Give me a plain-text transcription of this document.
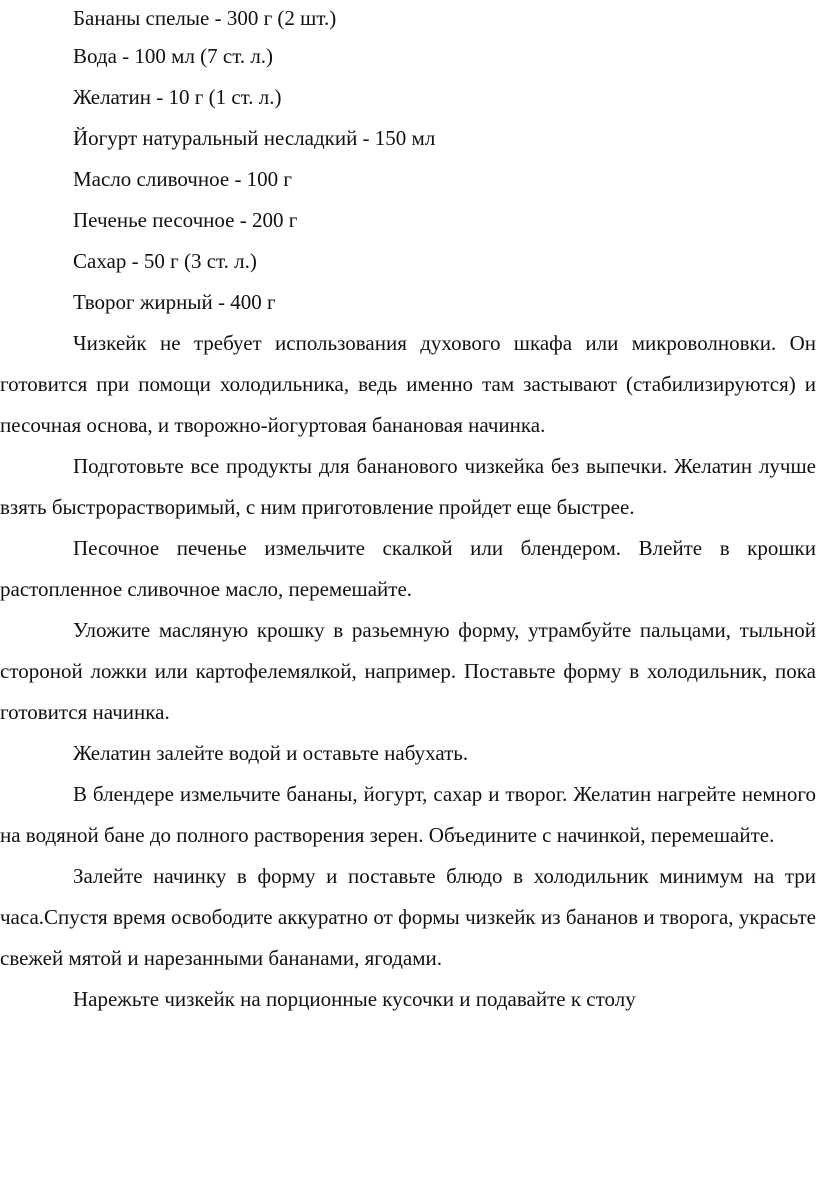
Бананы спелые - 300 г (2 шт.)
Вода - 100 мл (7 ст. л.)
Желатин - 10 г (1 ст. л.)
Йогурт натуральный несладкий - 150 мл
Масло сливочное - 100 г
Печенье песочное - 200 г
Сахар - 50 г (3 ст. л.)
Творог жирный - 400 г

Чизкейк не требует использования духового шкафа или микроволновки. Он готовится при помощи холодильника, ведь именно там застывают (стабилизируются) и песочная основа, и творожно-йогуртовая банановая начинка.

Подготовьте все продукты для бананового чизкейка без выпечки. Желатин лучше взять быстрорастворимый, с ним приготовление пройдет еще быстрее.

Песочное печенье измельчите скалкой или блендером. Влейте в крошки растопленное сливочное масло, перемешайте.

Уложите масляную крошку в разьемную форму, утрамбуйте пальцами, тыльной стороной ложки или картофелемялкой, например. Поставьте форму в холодильник, пока готовится начинка.

Желатин залейте водой и оставьте набухать.

В блендере измельчите бананы, йогурт, сахар и творог. Желатин нагрейте немного на водяной бане до полного растворения зерен. Объедините с начинкой, перемешайте.

Залейте начинку в форму и поставьте блюдо в холодильник минимум на три часа.Спустя время освободите аккуратно от формы чизкейк из бананов и творога, украсьте свежей мятой и нарезанными бананами, ягодами.

Нарежьте чизкейк на порционные кусочки и подавайте к столу
